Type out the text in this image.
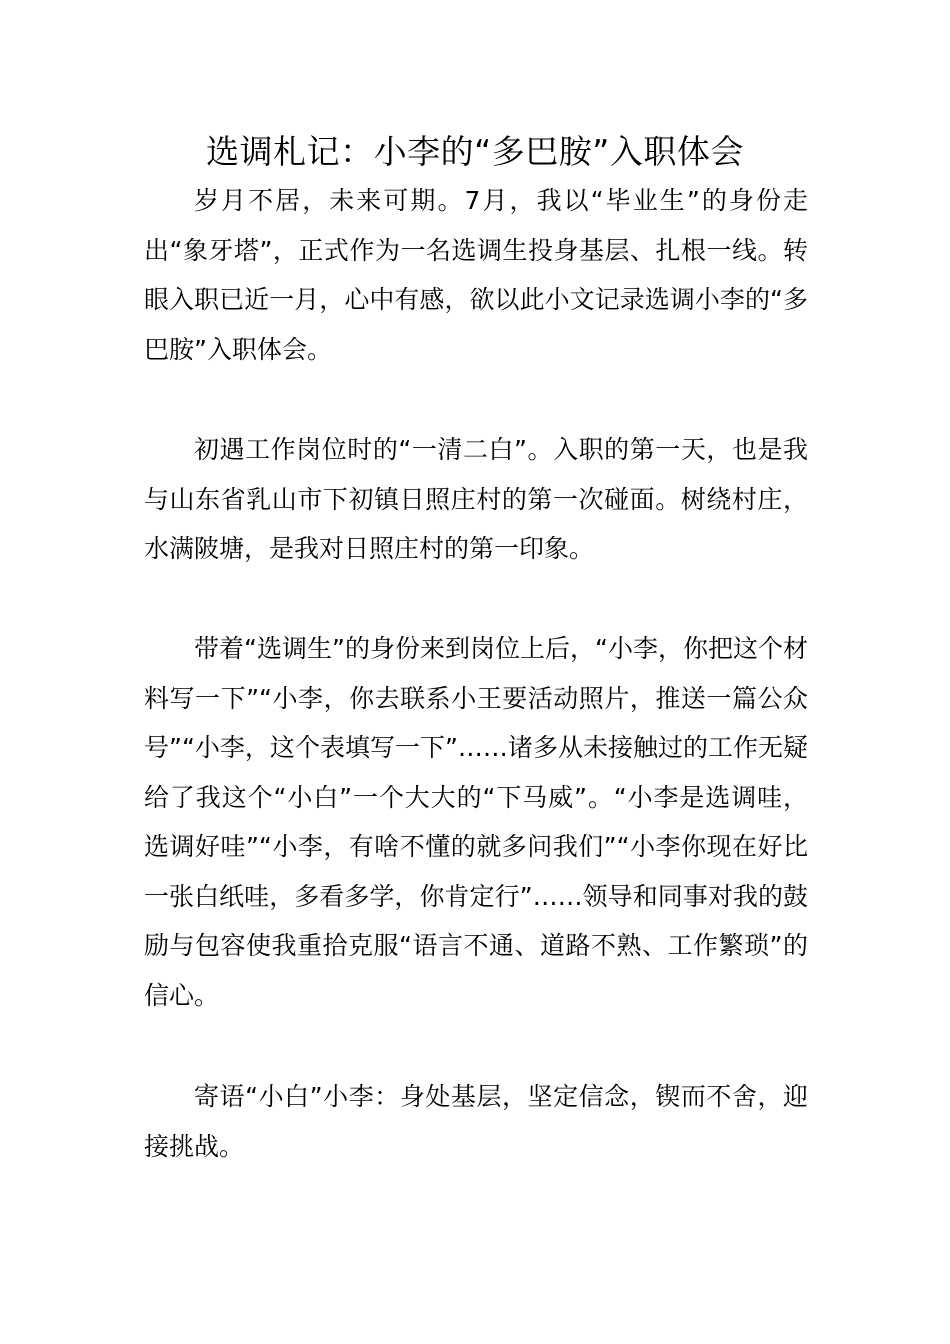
选调札记：小李的“多巴胺”入职体会

岁月不居，未来可期。7月，我以“毕业生”的身份走出“象牙塔”，正式作为一名选调生投身基层、扎根一线。转眼入职已近一月，心中有感，欲以此小文记录选调小李的“多巴胺”入职体会。

初遇工作岗位时的“一清二白”。入职的第一天，也是我与山东省乳山市下初镇日照庄村的第一次碰面。树绕村庄，水满陂塘，是我对日照庄村的第一印象。

带着“选调生”的身份来到岗位上后，“小李，你把这个材料写一下”“小李，你去联系小王要活动照片，推送一篇公众号”“小李，这个表填写一下”……诸多从未接触过的工作无疑给了我这个“小白”一个大大的“下马威”。“小李是选调哇，选调好哇”“小李，有啥不懂的就多问我们”“小李你现在好比一张白纸哇，多看多学，你肯定行”……领导和同事对我的鼓励与包容使我重拾克服“语言不通、道路不熟、工作繁琐”的信心。

寄语“小白”小李：身处基层，坚定信念，锲而不舍，迎接挑战。
